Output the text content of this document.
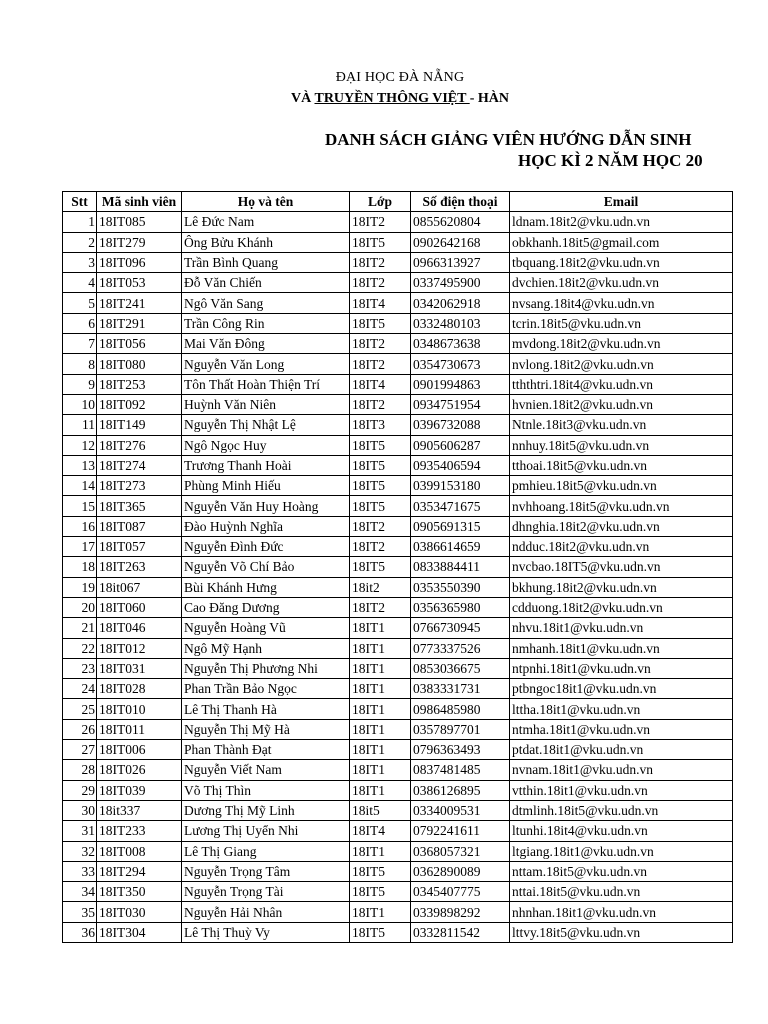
ĐẠI HỌC ĐÀ NẴNG
VÀ TRUYỀN THÔNG VIỆT - HÀN
DANH SÁCH GIẢNG VIÊN HƯỚNG DẪN SINH
HỌC KÌ 2 NĂM HỌC 20
Stt	Mã sinh viên	Họ và tên	Lớp	Số điện thoại	Email
1	18IT085	Lê Đức Nam	18IT2	0855620804	ldnam.18it2@vku.udn.vn
2	18IT279	Ông Bửu Khánh	18IT5	0902642168	obkhanh.18it5@gmail.com
3	18IT096	Trần Bình Quang	18IT2	0966313927	tbquang.18it2@vku.udn.vn
4	18IT053	Đỗ Văn Chiến	18IT2	0337495900	dvchien.18it2@vku.udn.vn
5	18IT241	Ngô Văn Sang	18IT4	0342062918	nvsang.18it4@vku.udn.vn
6	18IT291	Trần Công Rin	18IT5	0332480103	tcrin.18it5@vku.udn.vn
7	18IT056	Mai Văn Đông	18IT2	0348673638	mvdong.18it2@vku.udn.vn
8	18IT080	Nguyễn Văn Long	18IT2	0354730673	nvlong.18it2@vku.udn.vn
9	18IT253	Tôn Thất Hoàn Thiện Trí	18IT4	0901994863	tththtri.18it4@vku.udn.vn
10	18IT092	Huỳnh Văn Niên	18IT2	0934751954	hvnien.18it2@vku.udn.vn
11	18IT149	Nguyễn Thị Nhật Lệ	18IT3	0396732088	Ntnle.18it3@vku.udn.vn
12	18IT276	Ngô Ngọc Huy	18IT5	0905606287	nnhuy.18it5@vku.udn.vn
13	18IT274	Trương Thanh Hoài	18IT5	0935406594	tthoai.18it5@vku.udn.vn
14	18IT273	Phùng Minh Hiếu	18IT5	0399153180	pmhieu.18it5@vku.udn.vn
15	18IT365	Nguyễn Văn Huy Hoàng	18IT5	0353471675	nvhhoang.18it5@vku.udn.vn
16	18IT087	Đào Huỳnh Nghĩa	18IT2	0905691315	dhnghia.18it2@vku.udn.vn
17	18IT057	Nguyễn Đình Đức	18IT2	0386614659	ndduc.18it2@vku.udn.vn
18	18IT263	Nguyễn Võ Chí Bảo	18IT5	0833884411	nvcbao.18IT5@vku.udn.vn
19	18it067	Bùi Khánh Hưng	18it2	0353550390	bkhung.18it2@vku.udn.vn
20	18IT060	Cao Đăng Dương	18IT2	0356365980	cdduong.18it2@vku.udn.vn
21	18IT046	Nguyễn Hoàng Vũ	18IT1	0766730945	nhvu.18it1@vku.udn.vn
22	18IT012	Ngô Mỹ Hạnh	18IT1	0773337526	nmhanh.18it1@vku.udn.vn
23	18IT031	Nguyễn Thị Phương Nhi	18IT1	0853036675	ntpnhi.18it1@vku.udn.vn
24	18IT028	Phan Trần Bảo Ngọc	18IT1	0383331731	ptbngoc18it1@vku.udn.vn
25	18IT010	Lê Thị Thanh Hà	18IT1	0986485980	lttha.18it1@vku.udn.vn
26	18IT011	Nguyễn Thị Mỹ Hà	18IT1	0357897701	ntmha.18it1@vku.udn.vn
27	18IT006	Phan Thành Đạt	18IT1	0796363493	ptdat.18it1@vku.udn.vn
28	18IT026	Nguyễn Viết Nam	18IT1	0837481485	nvnam.18it1@vku.udn.vn
29	18IT039	Võ Thị Thìn	18IT1	0386126895	vtthin.18it1@vku.udn.vn
30	18it337	Dương Thị Mỹ Linh	18it5	0334009531	dtmlinh.18it5@vku.udn.vn
31	18IT233	Lương Thị Uyển Nhi	18IT4	0792241611	ltunhi.18it4@vku.udn.vn
32	18IT008	Lê Thị Giang	18IT1	0368057321	ltgiang.18it1@vku.udn.vn
33	18IT294	Nguyễn Trọng Tâm	18IT5	0362890089	nttam.18it5@vku.udn.vn
34	18IT350	Nguyễn Trọng Tài	18IT5	0345407775	nttai.18it5@vku.udn.vn
35	18IT030	Nguyễn Hải Nhân	18IT1	0339898292	nhnhan.18it1@vku.udn.vn
36	18IT304	Lê Thị Thuỳ Vy	18IT5	0332811542	lttvy.18it5@vku.udn.vn
